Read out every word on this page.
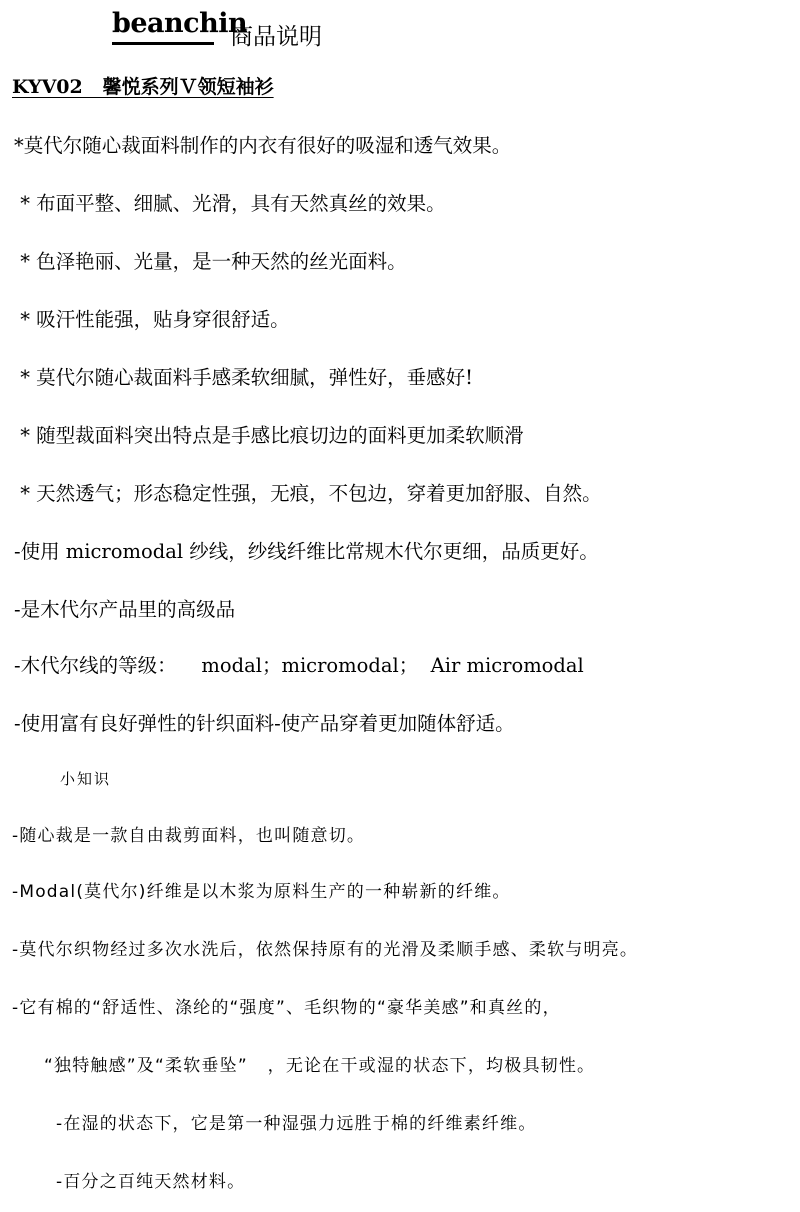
beanchin
商品说明
KYV02   馨悦系列Ｖ领短袖衫
*莫代尔随心裁面料制作的内衣有很好的吸湿和透气效果。
* 布面平整、细腻、光滑，具有天然真丝的效果。
* 色泽艳丽、光量，是一种天然的丝光面料。
* 吸汗性能强，贴身穿很舒适。
* 莫代尔随心裁面料手感柔软细腻，弹性好，垂感好!
* 随型裁面料突出特点是手感比痕切边的面料更加柔软顺滑
* 天然透气；形态稳定性强，无痕，不包边，穿着更加舒服、自然。
-使用 micromodal 纱线，纱线纤维比常规木代尔更细，品质更好。
-是木代尔产品里的高级品
-木代尔线的等级：    modal；micromodal；  Air micromodal
-使用富有良好弹性的针织面料-使产品穿着更加随体舒适。
小知识
-随心裁是一款自由裁剪面料，也叫随意切。
-Modal(莫代尔)纤维是以木浆为原料生产的一种崭新的纤维。
-莫代尔织物经过多次水洗后，依然保持原有的光滑及柔顺手感、柔软与明亮。
-它有棉的“舒适性、涤纶的“强度”、毛织物的“豪华美感”和真丝的，
“独特触感”及“柔软垂坠”   ，无论在干或湿的状态下，均极具韧性。
-在湿的状态下，它是第一种湿强力远胜于棉的纤维素纤维。
-百分之百纯天然材料。
